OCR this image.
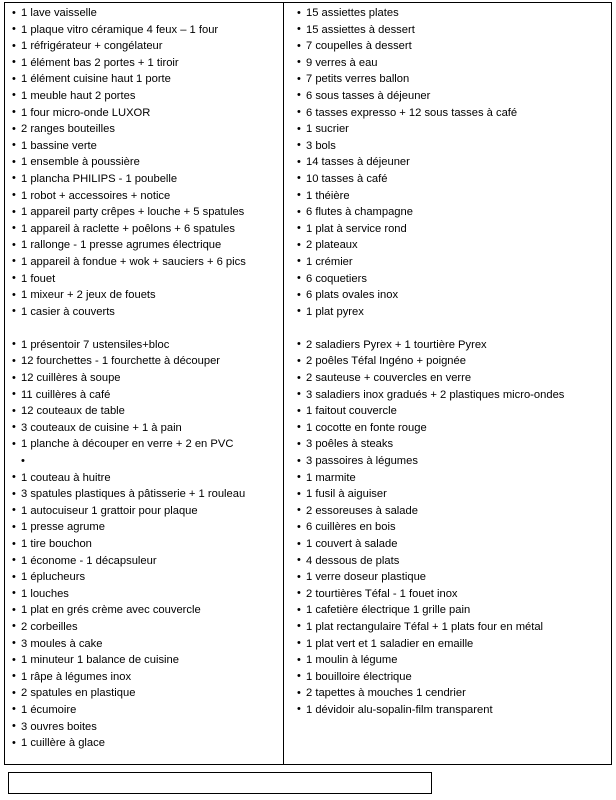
• 1 lave vaisselle
• 1 plaque vitro céramique 4 feux – 1 four
• 1 réfrigérateur + congélateur
• 1 élément bas 2 portes + 1 tiroir
• 1 élément cuisine haut 1 porte
• 1 meuble haut 2 portes
• 1 four micro-onde LUXOR
• 2 ranges bouteilles
• 1 bassine verte
• 1 ensemble à poussière
• 1 plancha PHILIPS - 1 poubelle
• 1 robot + accessoires + notice
• 1 appareil party crêpes + louche + 5 spatules
• 1 appareil à raclette + poêlons + 6 spatules
• 1 rallonge - 1 presse agrumes électrique
• 1 appareil à fondue + wok + sauciers + 6 pics
• 1 fouet
• 1 mixeur + 2 jeux de fouets
• 1 casier à couverts
• 1 présentoir 7 ustensiles+bloc
• 12 fourchettes - 1 fourchette à découper
• 12 cuillères à soupe
• 11 cuillères à café
• 12 couteaux de table
• 3 couteaux de cuisine + 1 à pain
• 1 planche à découper en verre + 2 en PVC
•
• 1 couteau à huitre
• 3 spatules plastiques à pâtisserie + 1 rouleau
• 1 autocuiseur 1 grattoir pour plaque
• 1 presse agrume
• 1 tire bouchon
• 1 économe - 1 décapsuleur
• 1 éplucheurs
• 1 louches
• 1 plat en grés crème avec couvercle
• 2 corbeilles
• 3 moules à cake
• 1 minuteur 1 balance de cuisine
• 1 râpe à légumes inox
• 2 spatules en plastique
• 1 écumoire
• 3 ouvres boites
• 1 cuillère à glace
• 15 assiettes plates
• 15 assiettes à dessert
• 7 coupelles à dessert
• 9 verres à eau
• 7 petits verres ballon
• 6 sous tasses à déjeuner
• 6 tasses expresso + 12 sous tasses à café
• 1 sucrier
• 3 bols
• 14 tasses à déjeuner
• 10 tasses à café
• 1 théière
• 6 flutes à champagne
• 1 plat à service rond
• 2 plateaux
• 1 crémier
• 6 coquetiers
• 6 plats ovales inox
• 1 plat pyrex
• 2 saladiers Pyrex + 1 tourtière Pyrex
• 2 poêles Téfal Ingéno + poignée
• 2 sauteuse + couvercles en verre
• 3 saladiers inox gradués + 2 plastiques micro-ondes
• 1 faitout couvercle
• 1 cocotte en fonte rouge
• 3 poêles à steaks
• 3 passoires à légumes
• 1 marmite
• 1 fusil à aiguiser
• 2 essoreuses à salade
• 6 cuillères en bois
• 1 couvert à salade
• 4 dessous de plats
• 1 verre doseur plastique
• 2 tourtières Téfal - 1 fouet inox
• 1 cafetière électrique 1 grille pain
• 1 plat rectangulaire Téfal + 1 plats four en métal
• 1 plat vert et 1 saladier en emaille
• 1 moulin à légume
• 1 bouilloire électrique
• 2 tapettes à mouches 1 cendrier
• 1 dévidoir alu-sopalin-film transparent
